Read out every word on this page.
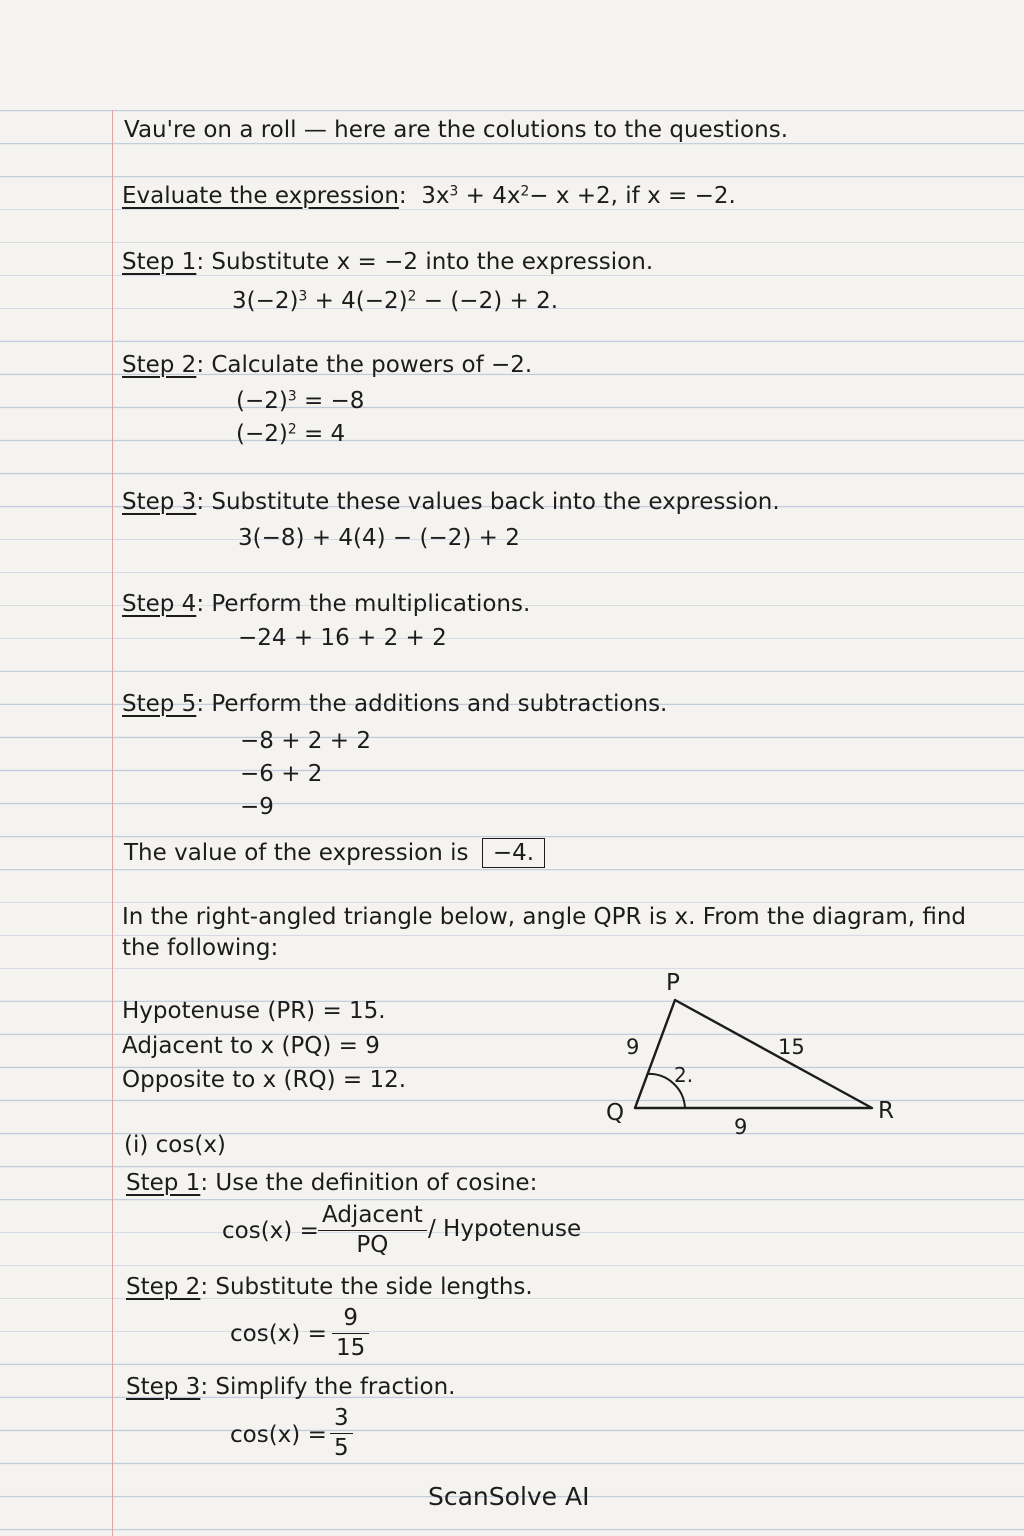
Vau're on a roll — here are the colutions to the questions.
Evaluate the expression: $3x^3 + 4x^2- x +2$, if x = −2.
Step 1: Substitute x = −2 into the expression.
$3(-2)^3 + 4(-2)^2 - (-2) + 2$.
Step 2: Calculate the powers of −2.
$(-2)^3 = -8$
$(-2)^2 = 4$
Step 3: Substitute these values back into the expression.
3(−8) + 4(4) − (−2) + 2
Step 4: Perform the multiplications.
−24 + 16 + 2 + 2
Step 5: Perform the additions and subtractions.
−8 + 2 + 2
−6 + 2
−9
The value of the expression is −4.
In the right-angled triangle below, angle QPR is x. From the diagram, find
the following:
Hypotenuse (PR) = 15.
Adjacent to x (PQ) = 9
Opposite to x (RQ) = 12.
P
Q	R
9	15
9
2.
(i) cos(x)
Step 1: Use the definition of cosine:
cos(x) =
Adjacent
PQ
/ Hypotenuse
Step 2: Substitute the side lengths.
cos(x) =
9
15
Step 3: Simplify the fraction.
cos(x) =
3
5
ScanSolve AI
